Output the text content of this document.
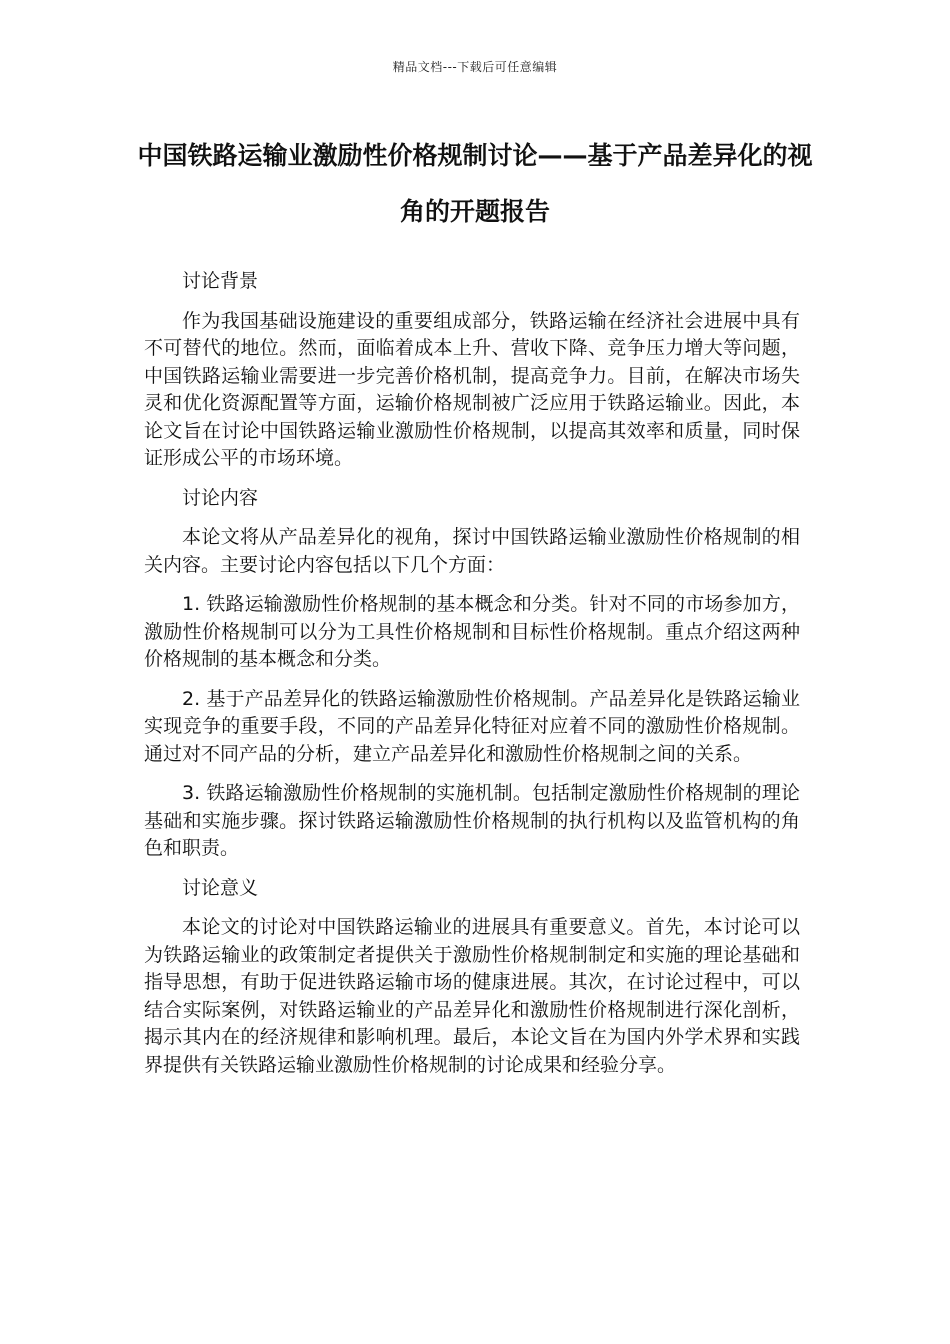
精品文档---下载后可任意编辑
中国铁路运输业激励性价格规制讨论——基于产品差异化的视角的开题报告

讨论背景

作为我国基础设施建设的重要组成部分，铁路运输在经济社会进展中具有不可替代的地位。然而，面临着成本上升、营收下降、竞争压力增大等问题，中国铁路运输业需要进一步完善价格机制，提高竞争力。目前，在解决市场失灵和优化资源配置等方面，运输价格规制被广泛应用于铁路运输业。因此，本论文旨在讨论中国铁路运输业激励性价格规制，以提高其效率和质量，同时保证形成公平的市场环境。

讨论内容

本论文将从产品差异化的视角，探讨中国铁路运输业激励性价格规制的相关内容。主要讨论内容包括以下几个方面：

1. 铁路运输激励性价格规制的基本概念和分类。针对不同的市场参加方，激励性价格规制可以分为工具性价格规制和目标性价格规制。重点介绍这两种价格规制的基本概念和分类。

2. 基于产品差异化的铁路运输激励性价格规制。产品差异化是铁路运输业实现竞争的重要手段，不同的产品差异化特征对应着不同的激励性价格规制。通过对不同产品的分析，建立产品差异化和激励性价格规制之间的关系。

3. 铁路运输激励性价格规制的实施机制。包括制定激励性价格规制的理论基础和实施步骤。探讨铁路运输激励性价格规制的执行机构以及监管机构的角色和职责。

讨论意义

本论文的讨论对中国铁路运输业的进展具有重要意义。首先，本讨论可以为铁路运输业的政策制定者提供关于激励性价格规制制定和实施的理论基础和指导思想，有助于促进铁路运输市场的健康进展。其次，在讨论过程中，可以结合实际案例，对铁路运输业的产品差异化和激励性价格规制进行深化剖析，揭示其内在的经济规律和影响机理。最后，本论文旨在为国内外学术界和实践界提供有关铁路运输业激励性价格规制的讨论成果和经验分享。
